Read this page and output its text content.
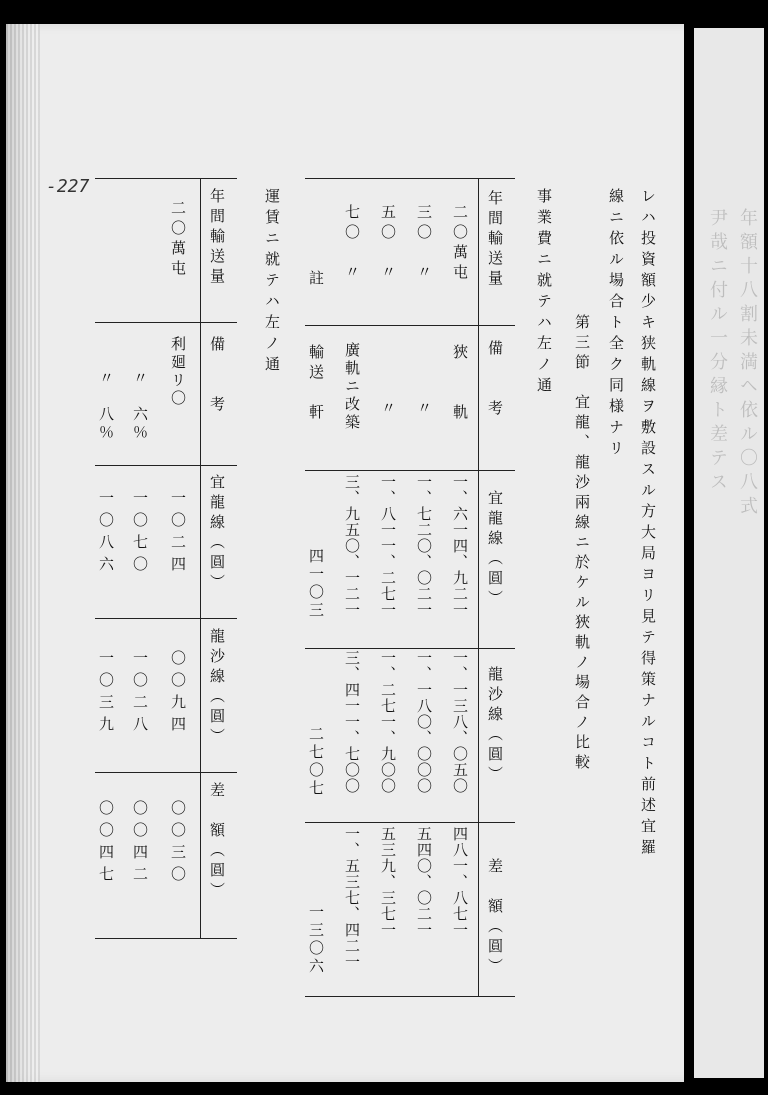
年額十八割未満ヘ依ル〇八式
尹哉ニ付ル一分縁ト差テス
-227
レハ投資額少キ狭軌線ヲ敷設スル方大局ヨリ見テ得策ナルコト前述宜羅
線ニ依ル場合ト全ク同様ナリ
第三節　宜龍、龍沙兩線ニ於ケル狹軌ノ場合ノ比較
事業費ニ就テハ左ノ通
年間輸送量
備　　考
宜龍線（圓）
龍沙線（圓）
差　額（圓）
二〇萬屯
狹　　軌
一、六一四、九二一
一、一三八、〇五〇
四八一、八七一
三〇　〃
〃
一、七二〇、〇二一
一、一八〇、〇〇〇
五四〇、〇二一
五〇　〃
〃
一、八一一、二七一
一、二七一、九〇〇
五三九、三七一
七〇　〃
廣軌ニ改築
三、九五〇、一二一
三、四一一、七〇〇
一、五三七、四二一
註
輸送　軒
四一〇三
二七〇七
一三〇六
運賃ニ就テハ左ノ通
年間輸送量
備　　考
宜龍線（圓）
龍沙線（圓）
差　額（圓）
二〇萬屯
利廻リ〇
一〇二四
〇〇九四
〇〇三〇
〃　六％
一〇七〇
一〇二八
〇〇四二
〃　八％
一〇八六
一〇三九
〇〇四七
